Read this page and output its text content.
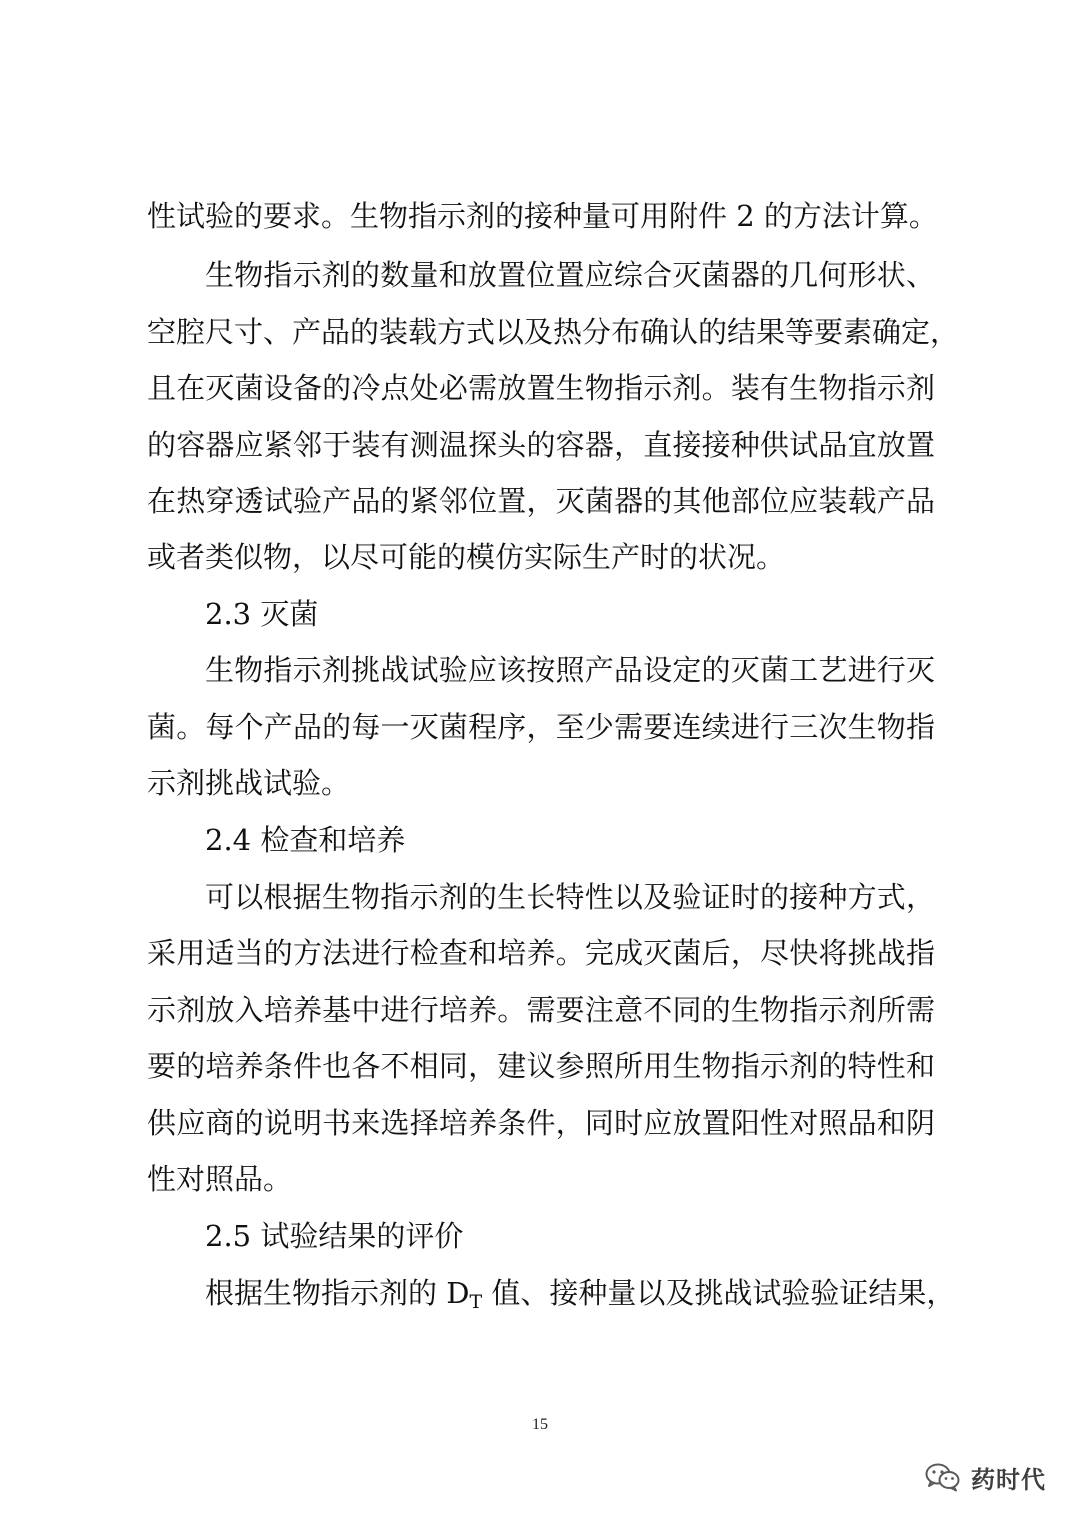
性试验的要求。生物指示剂的接种量可用附件 2 的方法计算。

生物指示剂的数量和放置位置应综合灭菌器的几何形状、

空腔尺寸、产品的装载方式以及热分布确认的结果等要素确定，

且在灭菌设备的冷点处必需放置生物指示剂。装有生物指示剂

的容器应紧邻于装有测温探头的容器，直接接种供试品宜放置

在热穿透试验产品的紧邻位置，灭菌器的其他部位应装载产品

或者类似物，以尽可能的模仿实际生产时的状况。

2.3 灭菌

生物指示剂挑战试验应该按照产品设定的灭菌工艺进行灭

菌。每个产品的每一灭菌程序，至少需要连续进行三次生物指

示剂挑战试验。

2.4 检查和培养

可以根据生物指示剂的生长特性以及验证时的接种方式，

采用适当的方法进行检查和培养。完成灭菌后，尽快将挑战指

示剂放入培养基中进行培养。需要注意不同的生物指示剂所需

要的培养条件也各不相同，建议参照所用生物指示剂的特性和

供应商的说明书来选择培养条件，同时应放置阳性对照品和阴

性对照品。

2.5 试验结果的评价

根据生物指示剂的 $D_T$ 值、接种量以及挑战试验验证结果，

15
药时代
